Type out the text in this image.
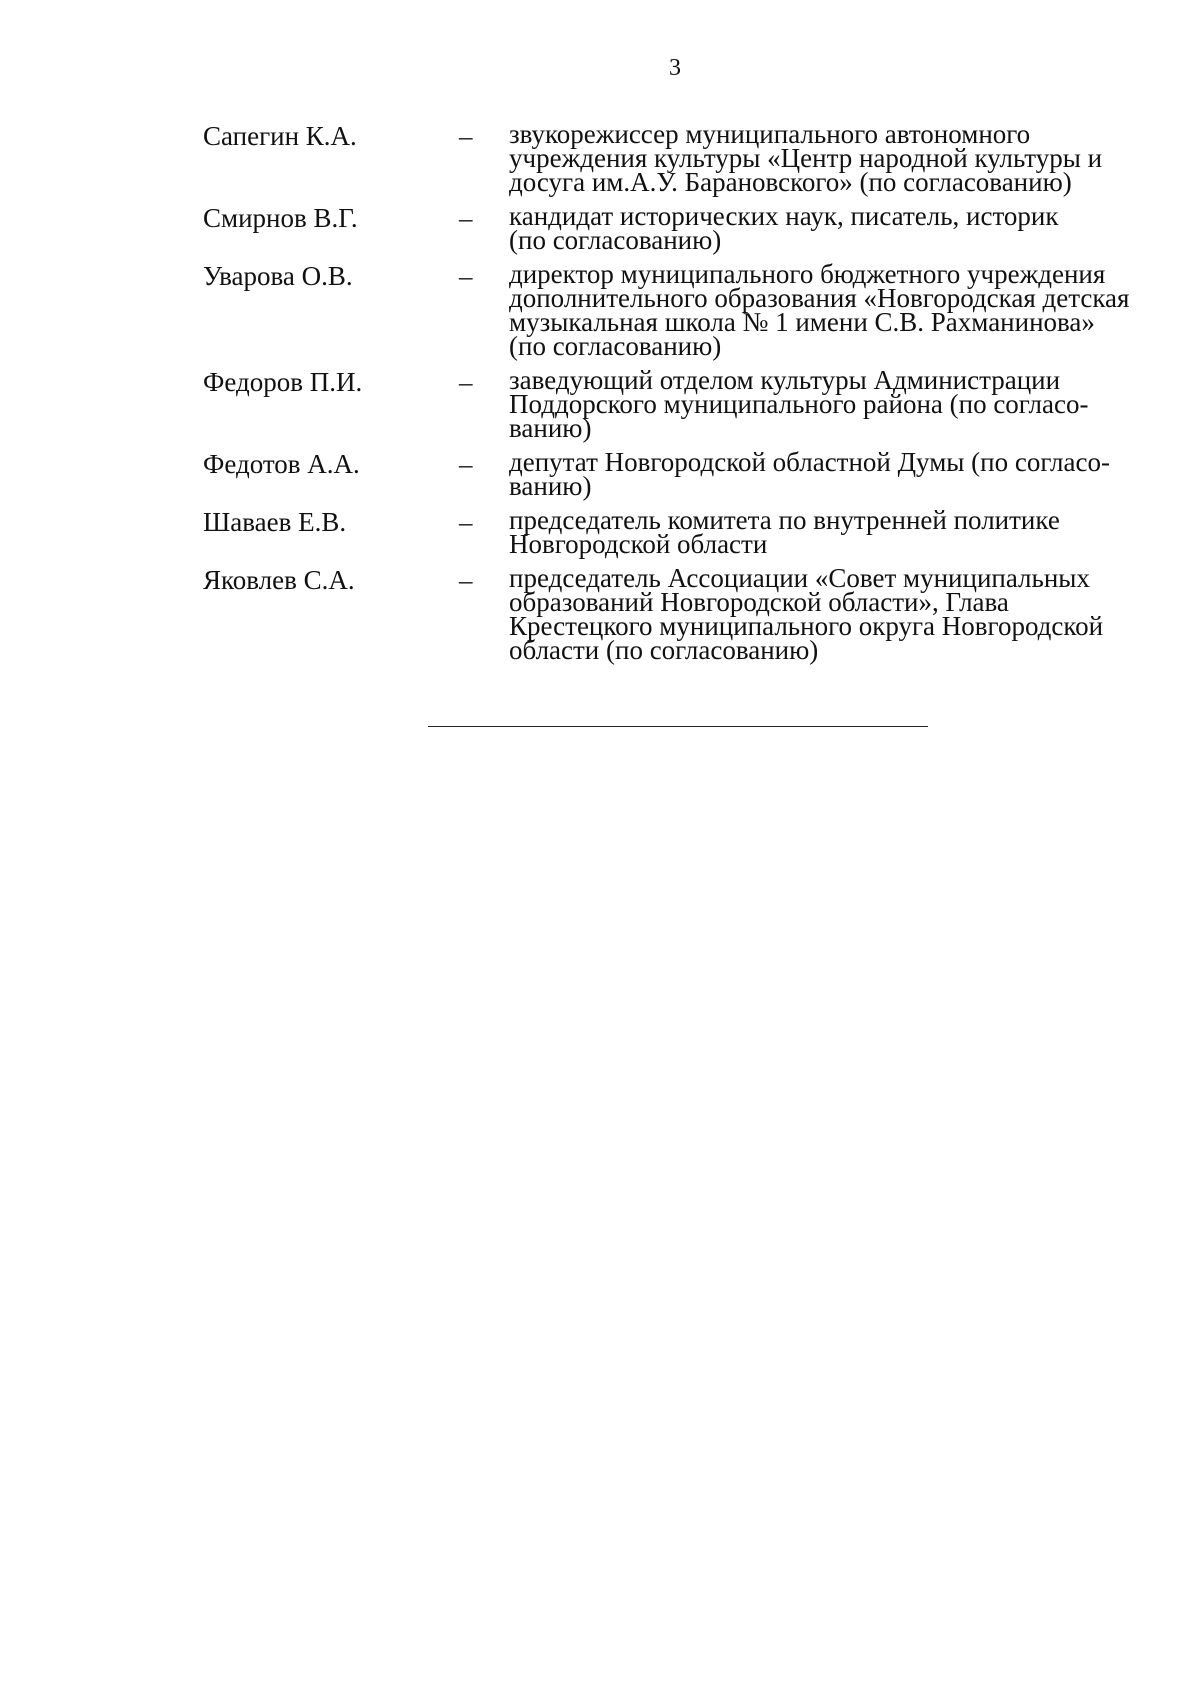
3
Сапегин К.А.	–	звукорежиссер муниципального автономного
учреждения культуры «Центр народной культуры и
досуга им.А.У. Барановского» (по согласованию)
Смирнов В.Г.	–	кандидат исторических наук, писатель, историк
(по согласованию)
Уварова О.В.	–	директор муниципального бюджетного учреждения
дополнительного образования «Новгородская детская
музыкальная школа № 1 имени С.В. Рахманинова»
(по согласованию)
Федоров П.И.	–	заведующий отделом культуры Администрации
Поддорского муниципального района (по согласо-
ванию)
Федотов А.А.	–	депутат Новгородской областной Думы (по согласо-
ванию)
Шаваев Е.В.	–	председатель комитета по внутренней политике
Новгородской области
Яковлев С.А.	–	председатель Ассоциации «Совет муниципальных
образований Новгородской области», Глава
Крестецкого муниципального округа Новгородской
области (по согласованию)
